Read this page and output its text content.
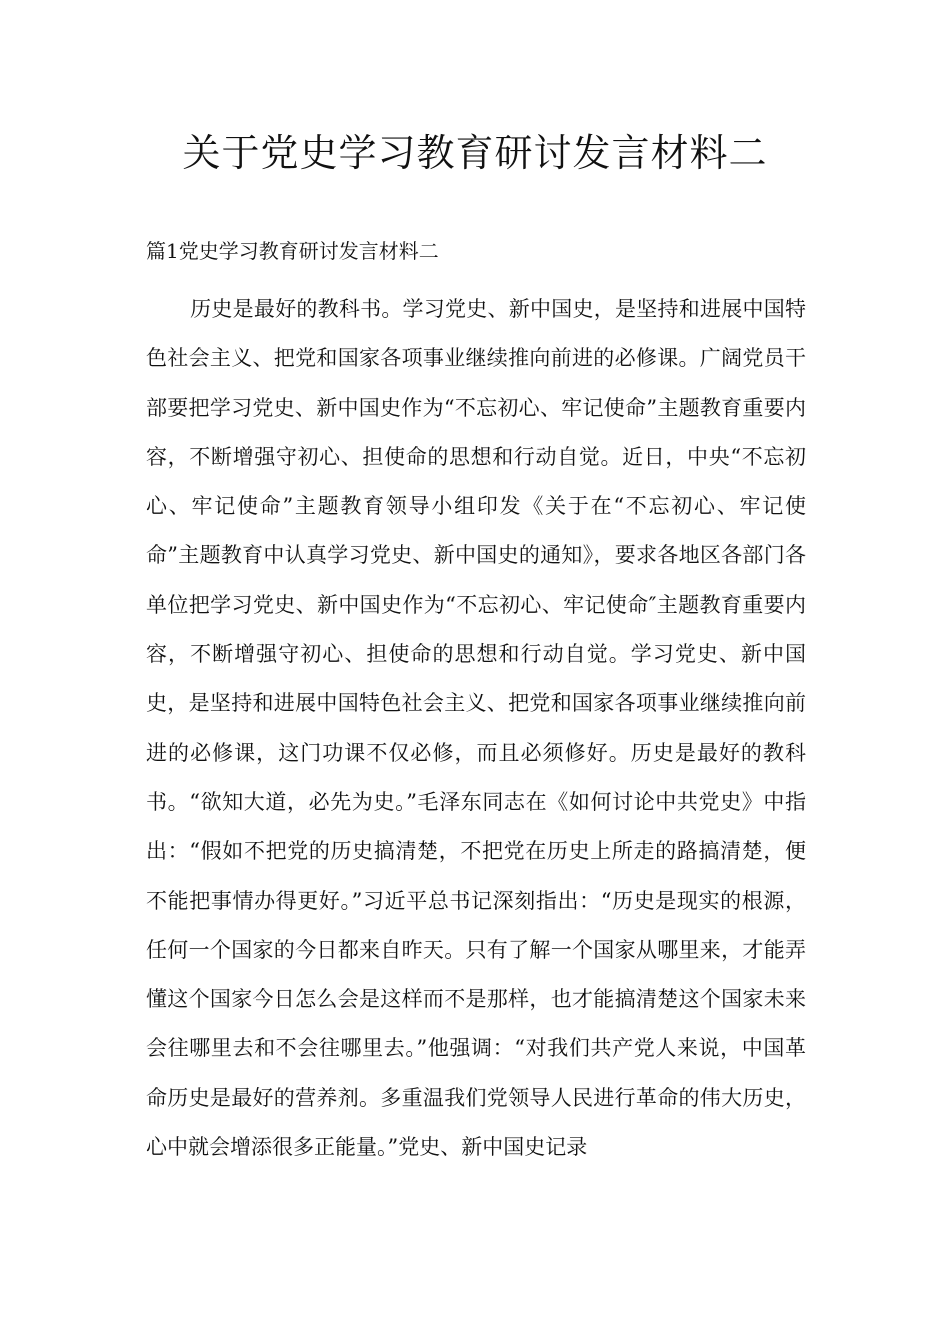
关于党史学习教育研讨发言材料二

篇1党史学习教育研讨发言材料二

历史是最好的教科书。学习党史、新中国史，是坚持和进展中国特色社会主义、把党和国家各项事业继续推向前进的必修课。广阔党员干部要把学习党史、新中国史作为“不忘初心、牢记使命”主题教育重要内容，不断增强守初心、担使命的思想和行动自觉。近日，中央“不忘初心、牢记使命”主题教育领导小组印发《关于在“不忘初心、牢记使命”主题教育中认真学习党史、新中国史的通知》，要求各地区各部门各单位把学习党史、新中国史作为“不忘初心、牢记使命″主题教育重要内容，不断增强守初心、担使命的思想和行动自觉。学习党史、新中国史，是坚持和进展中国特色社会主义、把党和国家各项事业继续推向前进的必修课，这门功课不仅必修，而且必须修好。历史是最好的教科书。“欲知大道，必先为史。”毛泽东同志在《如何讨论中共党史》中指出：“假如不把党的历史搞清楚，不把党在历史上所走的路搞清楚，便不能把事情办得更好。”习近平总书记深刻指出：“历史是现实的根源，任何一个国家的今日都来自昨天。只有了解一个国家从哪里来，才能弄懂这个国家今日怎么会是这样而不是那样，也才能搞清楚这个国家未来会往哪里去和不会往哪里去。”他强调：“对我们共产党人来说，中国革命历史是最好的营养剂。多重温我们党领导人民进行革命的伟大历史，心中就会增添很多正能量。”党史、新中国史记录
